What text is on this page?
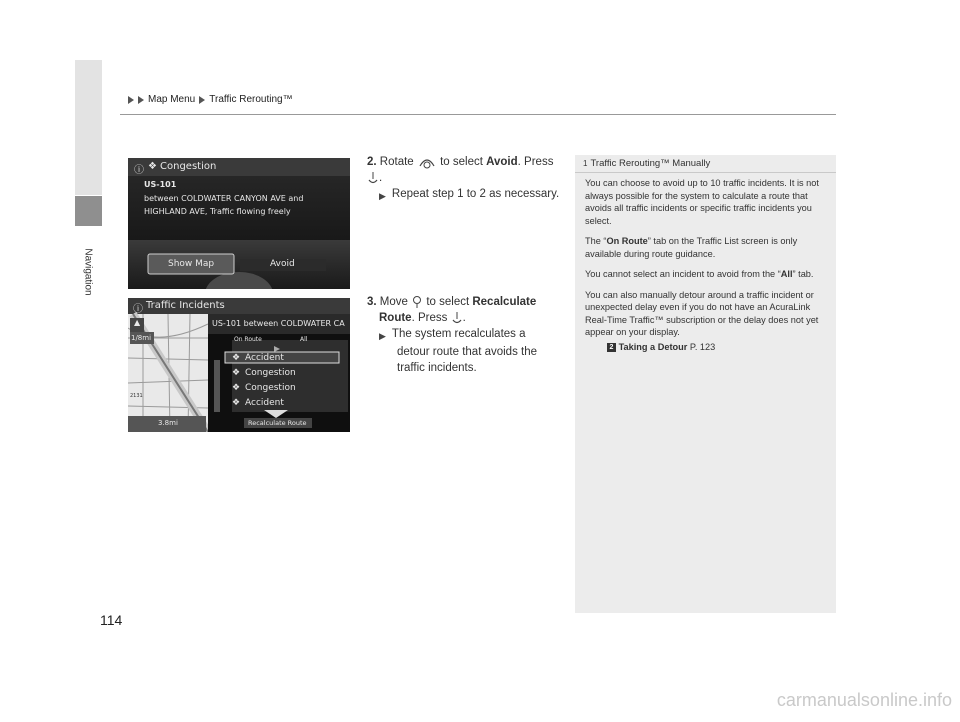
Navigation
Map Menu Traffic Rerouting™
ⓘ ❖ Congestion
US-101
between COLDWATER CANYON AVE and
HIGHLAND AVE, Traffic flowing freely
Show Map	Avoid
ⓘ Traffic Incidents
US-101 between COLDWATER CA
On Route	All
❖ Accident
❖ Congestion
❖ Congestion
❖ Accident
Recalculate Route
1/8mi
3.8mi
2131
▲
2. Rotate to select Avoid. Press
.
▶ Repeat step 1 to 2 as necessary.
3. Move to select Recalculate
Route. Press .
▶ The system recalculates a
detour route that avoids the
traffic incidents.
1 Traffic Rerouting™ Manually

You can choose to avoid up to 10 traffic incidents. It is not always possible for the system to calculate a route that avoids all traffic incidents or specific traffic incidents you select.

The “On Route” tab on the Traffic List screen is only available during route guidance.

You cannot select an incident to avoid from the “All” tab.

You can also manually detour around a traffic incident or unexpected delay even if you do not have an AcuraLink Real-Time Traffic™ subscription or the delay does not yet appear on your display.

2 Taking a Detour P. 123

114
carmanualsonline.info
